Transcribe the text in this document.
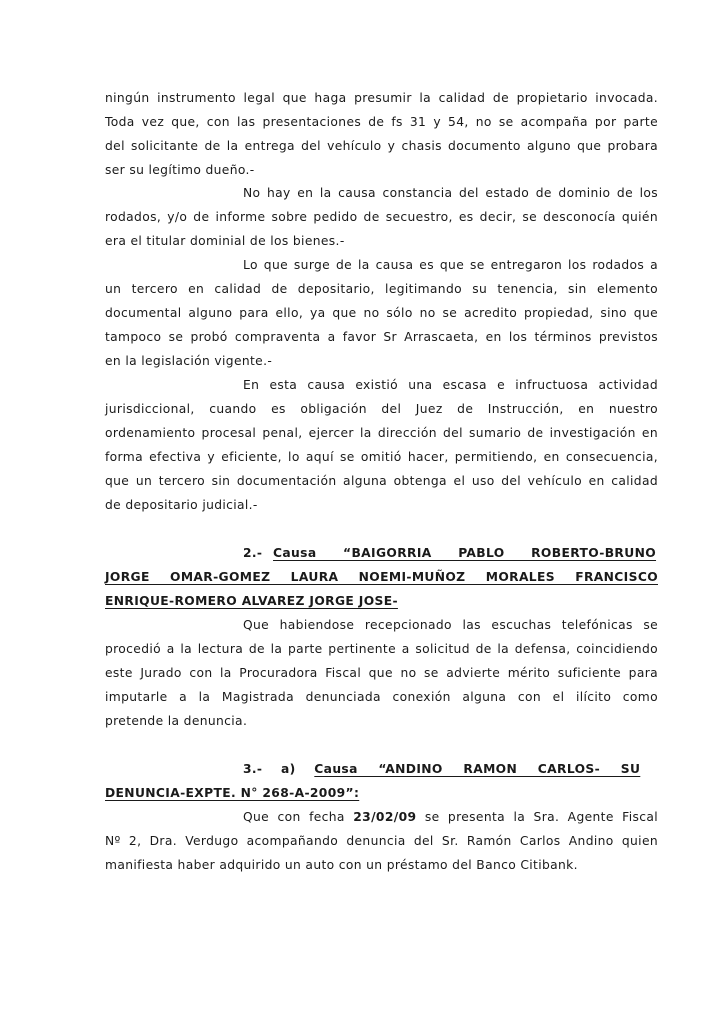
ningún instrumento legal que haga presumir la calidad de propietario invocada.
Toda vez que, con las presentaciones de fs 31 y 54, no se acompaña por parte
del solicitante de la entrega del vehículo y chasis documento alguno que probara
ser su legítimo dueño.-
No hay en la causa constancia del estado de dominio de los
rodados, y/o de informe sobre pedido de secuestro, es decir, se desconocía quién
era el titular dominial de los bienes.-
Lo que surge de la causa es que se entregaron los rodados a
un tercero en calidad de depositario, legitimando su tenencia, sin elemento
documental alguno para ello, ya que no sólo no se acredito propiedad, sino que
tampoco se probó compraventa a favor Sr Arrascaeta, en los términos previstos
en la legislación vigente.-
En esta causa existió una escasa e infructuosa actividad
jurisdiccional, cuando es obligación del Juez de Instrucción, en nuestro
ordenamiento procesal penal, ejercer la dirección del sumario de investigación en
forma efectiva y eficiente, lo aquí se omitió hacer, permitiendo, en consecuencia,
que un tercero sin documentación alguna obtenga el uso del vehículo en calidad
de depositario judicial.-
2.- Causa “BAIGORRIA PABLO ROBERTO-BRUNO
JORGE OMAR-GOMEZ LAURA NOEMI-MUÑOZ MORALES FRANCISCO
ENRIQUE-ROMERO ALVAREZ JORGE JOSE-
Que habiendose recepcionado las escuchas telefónicas se
procedió a la lectura de la parte pertinente a solicitud de la defensa, coincidiendo
este Jurado con la Procuradora Fiscal que no se advierte mérito suficiente para
imputarle a la Magistrada denunciada conexión alguna con el ilícito como
pretende la denuncia.
3.- a) Causa “ANDINO RAMON CARLOS- SU
DENUNCIA-EXPTE. N° 268-A-2009”:
Que con fecha 23/02/09 se presenta la Sra. Agente Fiscal
Nº 2, Dra. Verdugo acompañando denuncia del Sr. Ramón Carlos Andino quien
manifiesta haber adquirido un auto con un préstamo del Banco Citibank.
